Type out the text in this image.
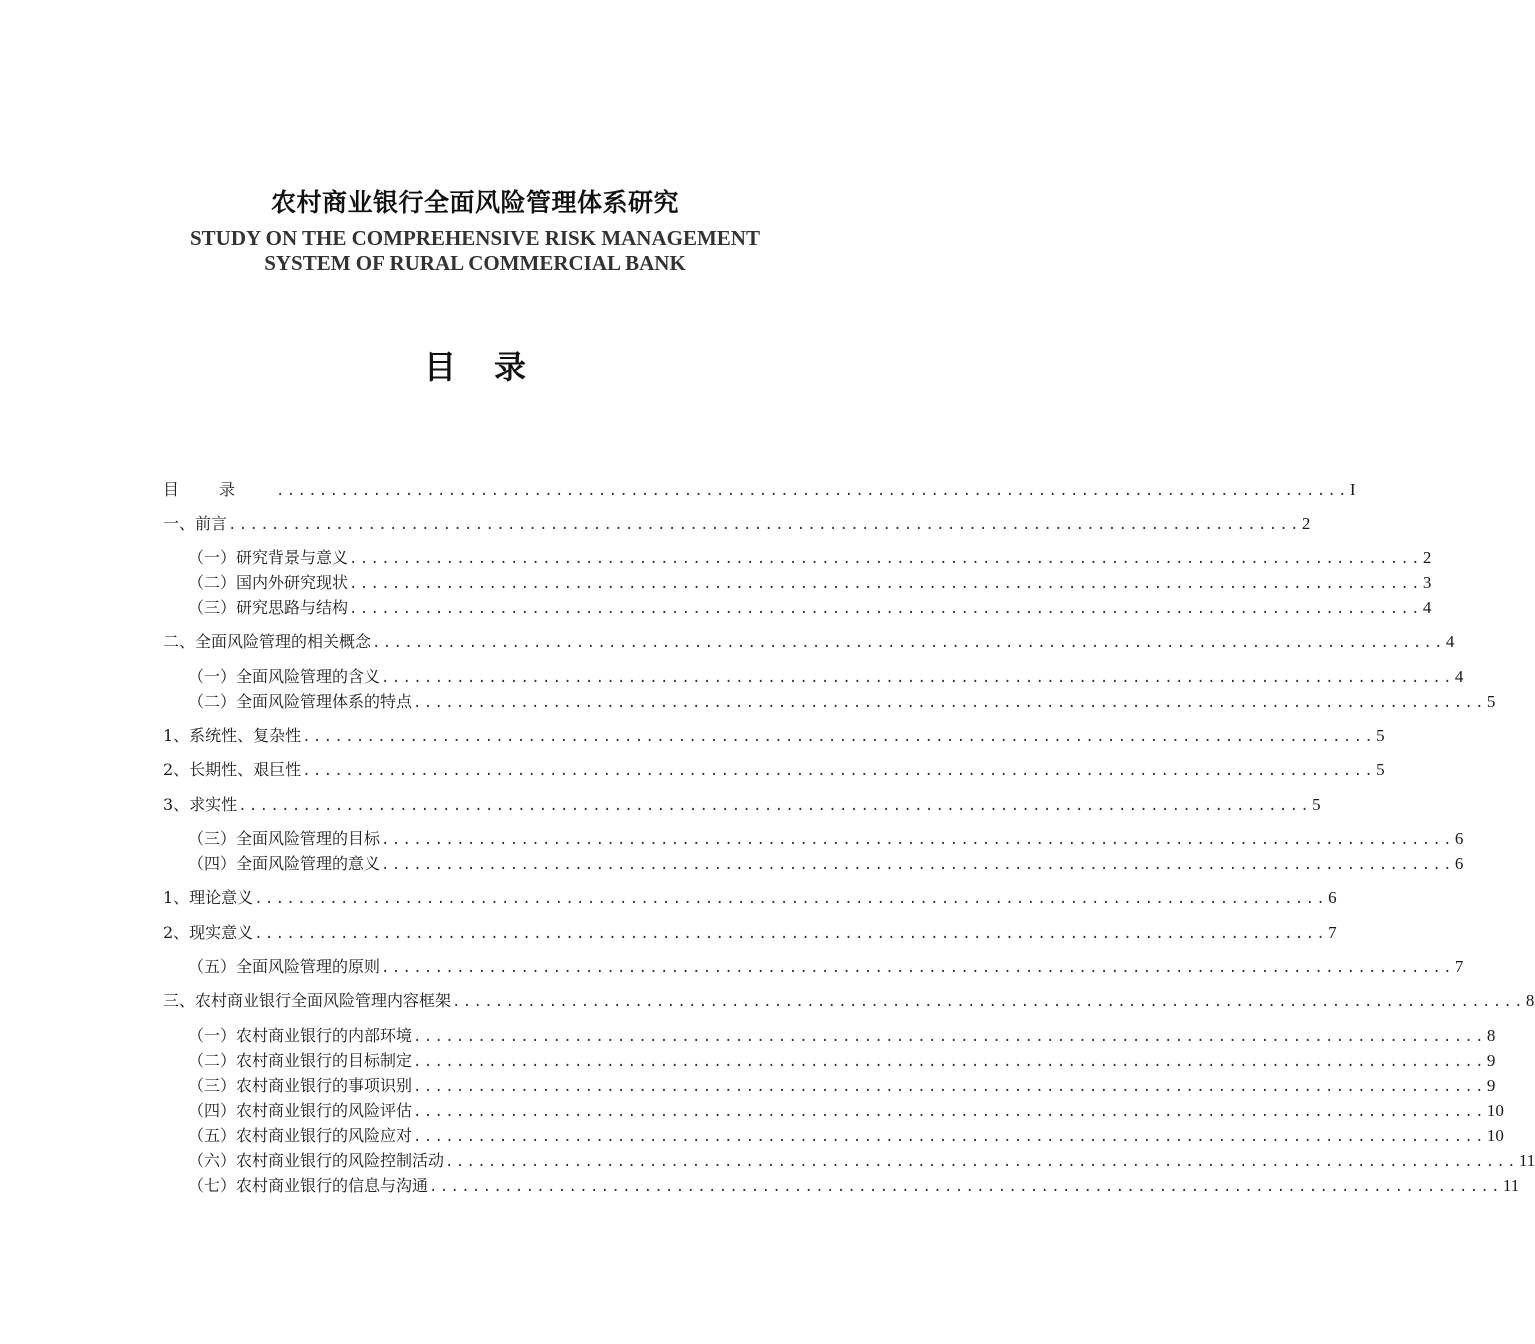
农村商业银行全面风险管理体系研究
STUDY ON THE COMPREHENSIVE RISK MANAGEMENT
SYSTEM OF RURAL COMMERCIAL BANK
目录
目录 .................................................................................................... I
一、前言 .................................................................................................... 2
（一）研究背景与意义 .................................................................................................... 2
（二）国内外研究现状 .................................................................................................... 3
（三）研究思路与结构 .................................................................................................... 4
二、全面风险管理的相关概念 .................................................................................................... 4
（一）全面风险管理的含义 .................................................................................................... 4
（二）全面风险管理体系的特点 .................................................................................................... 5
1、系统性、复杂性 .................................................................................................... 5
2、长期性、艰巨性 .................................................................................................... 5
3、求实性 .................................................................................................... 5
（三）全面风险管理的目标 .................................................................................................... 6
（四）全面风险管理的意义 .................................................................................................... 6
1、理论意义 .................................................................................................... 6
2、现实意义 .................................................................................................... 7
（五）全面风险管理的原则 .................................................................................................... 7
三、农村商业银行全面风险管理内容框架 .................................................................................................... 8
（一）农村商业银行的内部环境 .................................................................................................... 8
（二）农村商业银行的目标制定 .................................................................................................... 9
（三）农村商业银行的事项识别 .................................................................................................... 9
（四）农村商业银行的风险评估 .................................................................................................... 10
（五）农村商业银行的风险应对 .................................................................................................... 10
（六）农村商业银行的风险控制活动 .................................................................................................... 11
（七）农村商业银行的信息与沟通 .................................................................................................... 11
